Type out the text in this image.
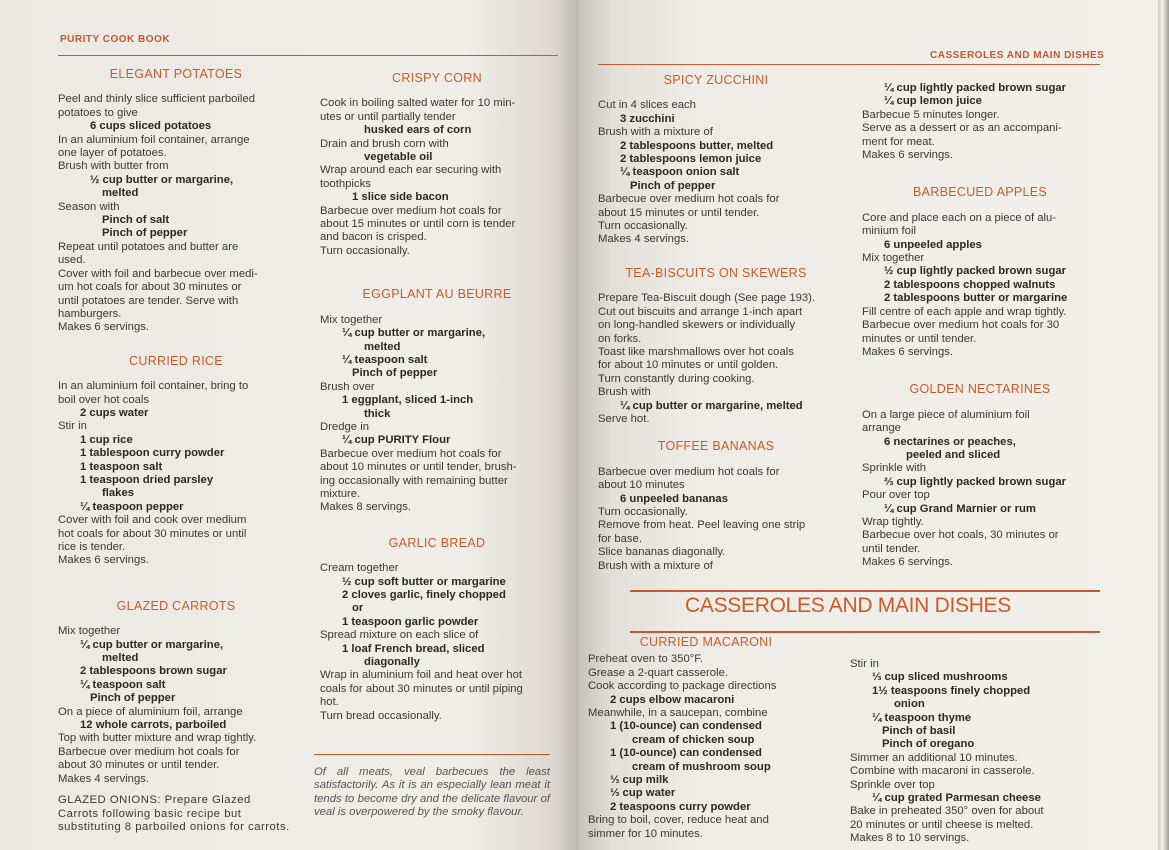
PURITY COOK BOOK
ELEGANT POTATOES
Peel and thinly slice sufficient parboiled
potatoes to give
6 cups sliced potatoes
In an aluminium foil container, arrange
one layer of potatoes.
Brush with butter from
½ cup butter or margarine,
melted
Season with
Pinch of salt
Pinch of pepper
Repeat until potatoes and butter are
used.
Cover with foil and barbecue over medi-
um hot coals for about 30 minutes or
until potatoes are tender. Serve with
hamburgers.
Makes 6 servings.
CURRIED RICE
In an aluminium foil container, bring to
boil over hot coals
2 cups water
Stir in
1 cup rice
1 tablespoon curry powder
1 teaspoon salt
1 teaspoon dried parsley
flakes
¼ teaspoon pepper
Cover with foil and cook over medium
hot coals for about 30 minutes or until
rice is tender.
Makes 6 servings.
GLAZED CARROTS
Mix together
¼ cup butter or margarine,
melted
2 tablespoons brown sugar
¼ teaspoon salt
Pinch of pepper
On a piece of aluminium foil, arrange
12 whole carrots, parboiled
Top with butter mixture and wrap tightly.
Barbecue over medium hot coals for
about 30 minutes or until tender.
Makes 4 servings.
GLAZED ONIONS: Prepare Glazed Carrots following basic recipe but substituting 8 parboiled onions for carrots.
CRISPY CORN
Cook in boiling salted water for 10 min-
utes or until partially tender
husked ears of corn
Drain and brush corn with
vegetable oil
Wrap around each ear securing with
toothpicks
1 slice side bacon
Barbecue over medium hot coals for
about 15 minutes or until corn is tender
and bacon is crisped.
Turn occasionally.
EGGPLANT AU BEURRE
Mix together
¼ cup butter or margarine,
melted
¼ teaspoon salt
Pinch of pepper
Brush over
1 eggplant, sliced 1-inch
thick
Dredge in
¼ cup PURITY Flour
Barbecue over medium hot coals for
about 10 minutes or until tender, brush-
ing occasionally with remaining butter
mixture.
Makes 8 servings.
GARLIC BREAD
Cream together
½ cup soft butter or margarine
2 cloves garlic, finely chopped
or
1 teaspoon garlic powder
Spread mixture on each slice of
1 loaf French bread, sliced
diagonally
Wrap in aluminium foil and heat over hot
coals for about 30 minutes or until piping
hot.
Turn bread occasionally.
Of all meats, veal barbecues the least satisfactorily. As it is an especially lean meat it tends to become dry and the delicate flavour of veal is overpowered by the smoky flavour.
CASSEROLES AND MAIN DISHES
SPICY ZUCCHINI
Cut in 4 slices each
3 zucchini
Brush with a mixture of
2 tablespoons butter, melted
2 tablespoons lemon juice
¼ teaspoon onion salt
Pinch of pepper
Barbecue over medium hot coals for
about 15 minutes or until tender.
Turn occasionally.
Makes 4 servings.
TEA-BISCUITS ON SKEWERS
Prepare Tea-Biscuit dough (See page 193).
Cut out biscuits and arrange 1-inch apart
on long-handled skewers or individually
on forks.
Toast like marshmallows over hot coals
for about 10 minutes or until golden.
Turn constantly during cooking.
Brush with
¼ cup butter or margarine, melted
Serve hot.
TOFFEE BANANAS
Barbecue over medium hot coals for
about 10 minutes
6 unpeeled bananas
Turn occasionally.
Remove from heat. Peel leaving one strip
for base.
Slice bananas diagonally.
Brush with a mixture of
¼ cup lightly packed brown sugar
¼ cup lemon juice
Barbecue 5 minutes longer.
Serve as a dessert or as an accompani-
ment for meat.
Makes 6 servings.
BARBECUED APPLES
Core and place each on a piece of alu-
minium foil
6 unpeeled apples
Mix together
½ cup lightly packed brown sugar
2 tablespoons chopped walnuts
2 tablespoons butter or margarine
Fill centre of each apple and wrap tightly.
Barbecue over medium hot coals for 30
minutes or until tender.
Makes 6 servings.
GOLDEN NECTARINES
On a large piece of aluminium foil
arrange
6 nectarines or peaches,
peeled and sliced
Sprinkle with
⅔ cup lightly packed brown sugar
Pour over top
¼ cup Grand Marnier or rum
Wrap tightly.
Barbecue over hot coals, 30 minutes or
until tender.
Makes 6 servings.
CASSEROLES AND MAIN DISHES
CURRIED MACARONI
Preheat oven to 350°F.
Grease a 2-quart casserole.
Cook according to package directions
2 cups elbow macaroni
Meanwhile, in a saucepan, combine
1 (10-ounce) can condensed
cream of chicken soup
1 (10-ounce) can condensed
cream of mushroom soup
⅓ cup milk
⅓ cup water
2 teaspoons curry powder
Bring to boil, cover, reduce heat and
simmer for 10 minutes.
Stir in
⅓ cup sliced mushrooms
1½ teaspoons finely chopped
onion
¼ teaspoon thyme
Pinch of basil
Pinch of oregano
Simmer an additional 10 minutes.
Combine with macaroni in casserole.
Sprinkle over top
¼ cup grated Parmesan cheese
Bake in preheated 350° oven for about
20 minutes or until cheese is melted.
Makes 8 to 10 servings.
